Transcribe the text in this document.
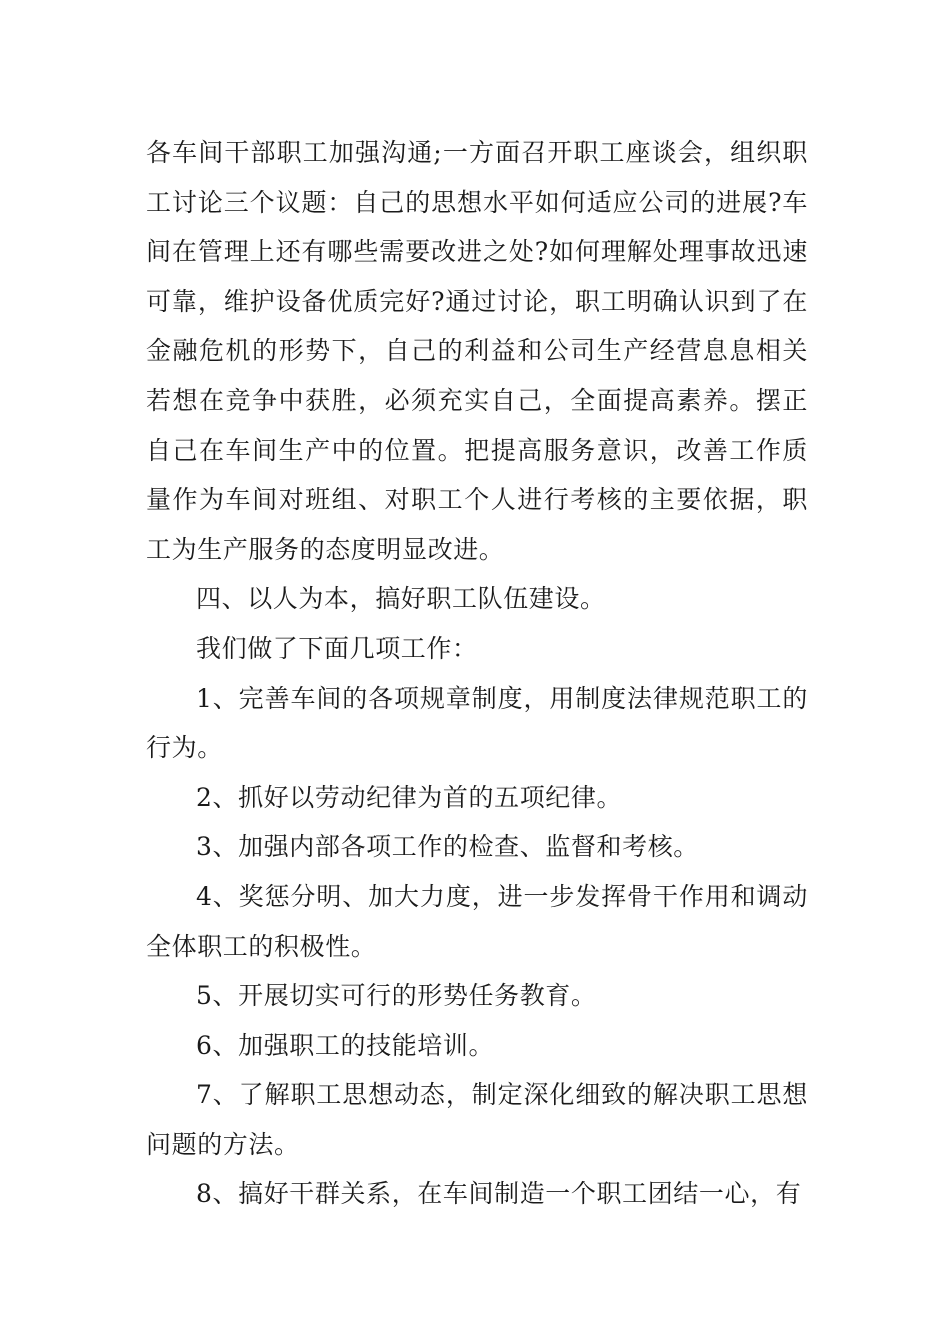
各车间干部职工加强沟通;一方面召开职工座谈会，组织职工讨论三个议题：自己的思想水平如何适应公司的进展?车间在管理上还有哪些需要改进之处?如何理解处理事故迅速可靠，维护设备优质完好?通过讨论，职工明确认识到了在金融危机的形势下，自己的利益和公司生产经营息息相关若想在竞争中获胜，必须充实自己，全面提高素养。摆正自己在车间生产中的位置。把提高服务意识，改善工作质量作为车间对班组、对职工个人进行考核的主要依据，职工为生产服务的态度明显改进。

四、以人为本，搞好职工队伍建设。

我们做了下面几项工作：

1、完善车间的各项规章制度，用制度法律规范职工的行为。

2、抓好以劳动纪律为首的五项纪律。

3、加强内部各项工作的检查、监督和考核。

4、奖惩分明、加大力度，进一步发挥骨干作用和调动全体职工的积极性。

5、开展切实可行的形势任务教育。

6、加强职工的技能培训。

7、了解职工思想动态，制定深化细致的解决职工思想问题的方法。

8、搞好干群关系，在车间制造一个职工团结一心，有
